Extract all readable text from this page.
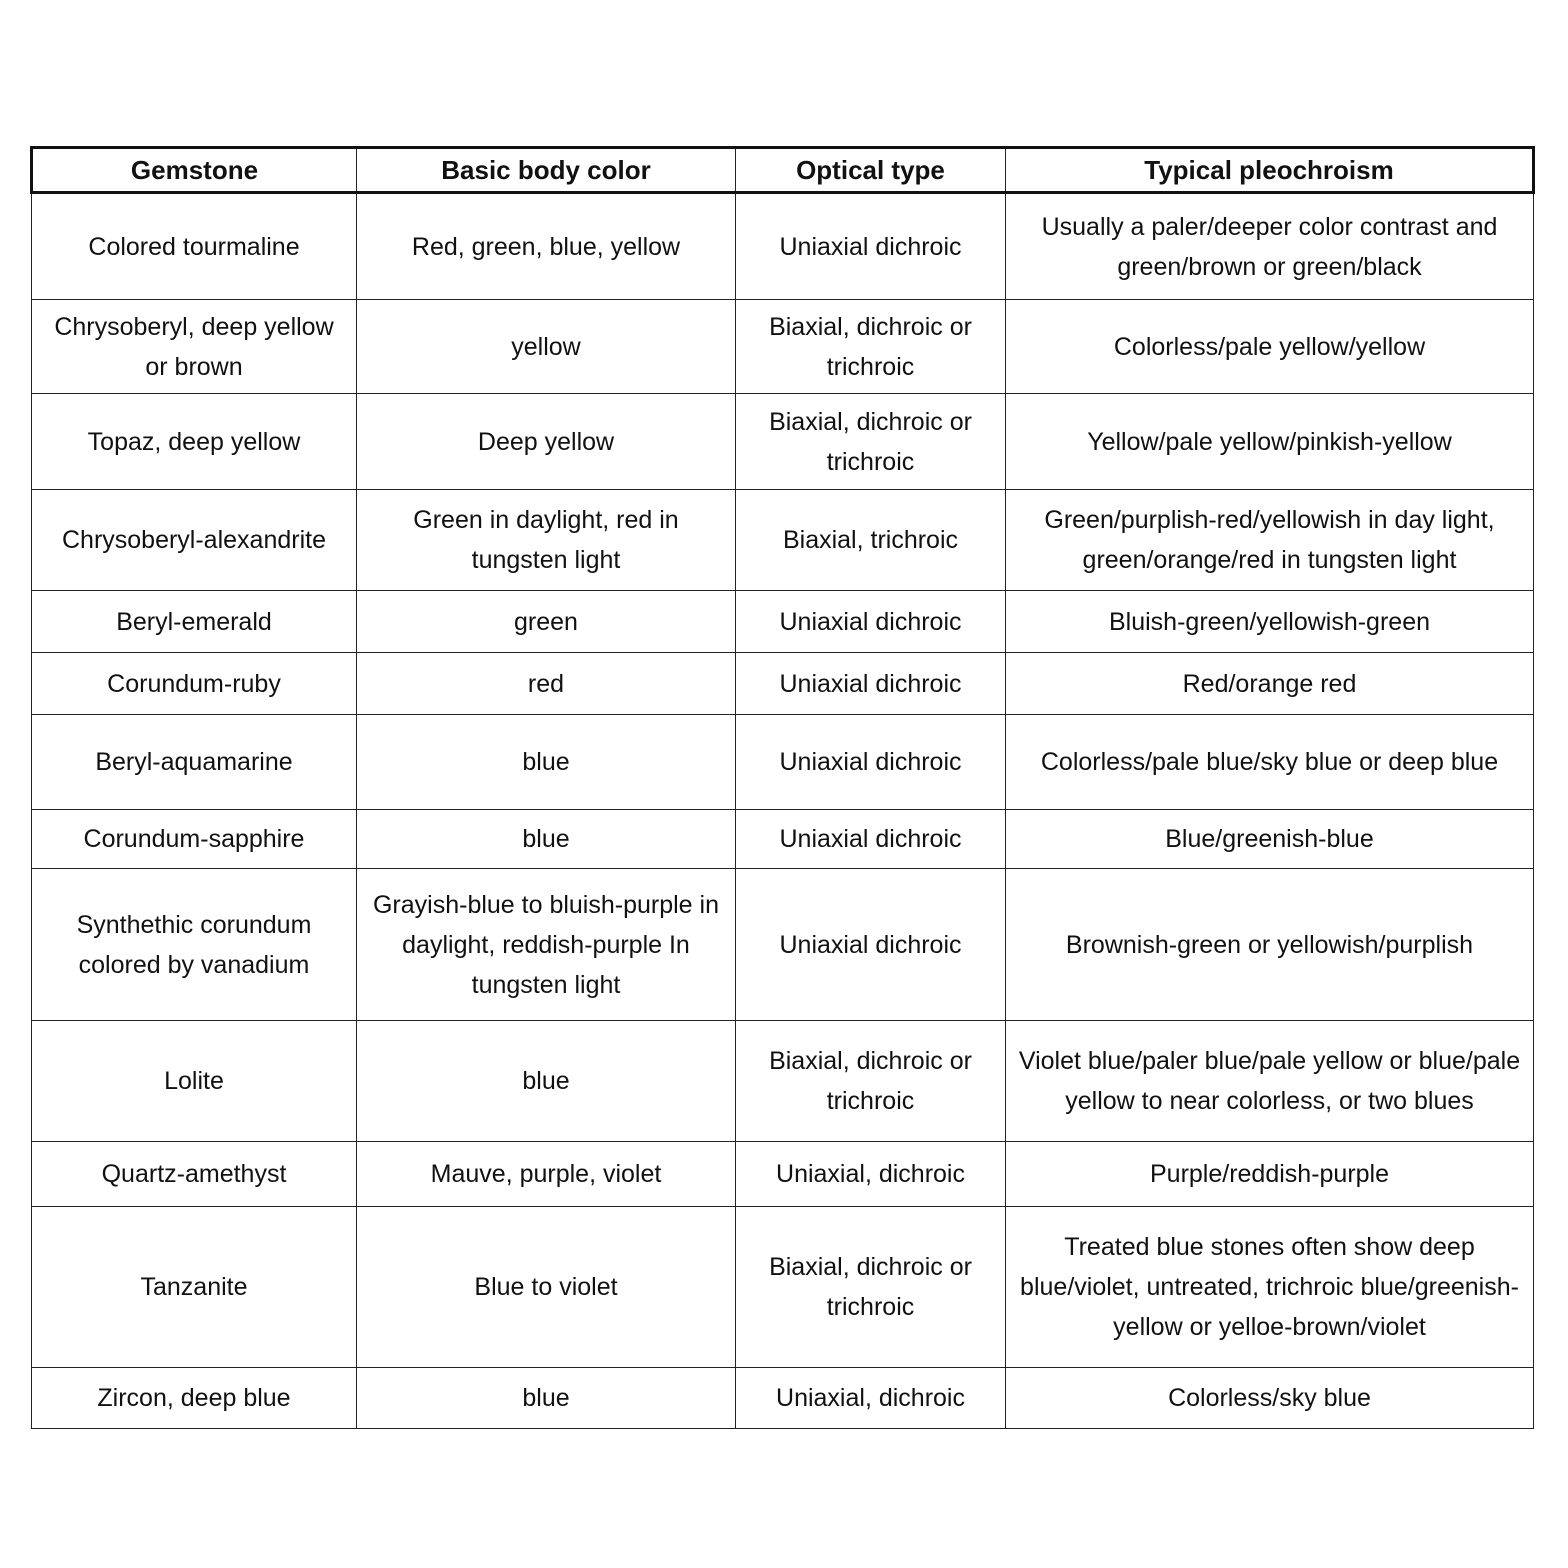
Gemstone	Basic body color	Optical type	Typical pleochroism
Colored tourmaline	Red, green, blue, yellow	Uniaxial dichroic	Usually a paler/deeper color contrast and green/brown or green/black
Chrysoberyl, deep yellow or brown	yellow	Biaxial, dichroic or trichroic	Colorless/pale yellow/yellow
Topaz, deep yellow	Deep yellow	Biaxial, dichroic or trichroic	Yellow/pale yellow/pinkish-yellow
Chrysoberyl-alexandrite	Green in daylight, red in tungsten light	Biaxial, trichroic	Green/purplish-red/yellowish in day light, green/orange/red in tungsten light
Beryl-emerald	green	Uniaxial dichroic	Bluish-green/yellowish-green
Corundum-ruby	red	Uniaxial dichroic	Red/orange red
Beryl-aquamarine	blue	Uniaxial dichroic	Colorless/pale blue/sky blue or deep blue
Corundum-sapphire	blue	Uniaxial dichroic	Blue/greenish-blue
Synthethic corundum colored by vanadium	Grayish-blue to bluish-purple in daylight, reddish-purple In tungsten light	Uniaxial dichroic	Brownish-green or yellowish/purplish
Lolite	blue	Biaxial, dichroic or trichroic	Violet blue/paler blue/pale yellow or blue/pale yellow to near colorless, or two blues
Quartz-amethyst	Mauve, purple, violet	Uniaxial, dichroic	Purple/reddish-purple
Tanzanite	Blue to violet	Biaxial, dichroic or trichroic	Treated blue stones often show deep blue/violet, untreated, trichroic blue/greenish-yellow or yelloe-brown/violet
Zircon, deep blue	blue	Uniaxial, dichroic	Colorless/sky blue
